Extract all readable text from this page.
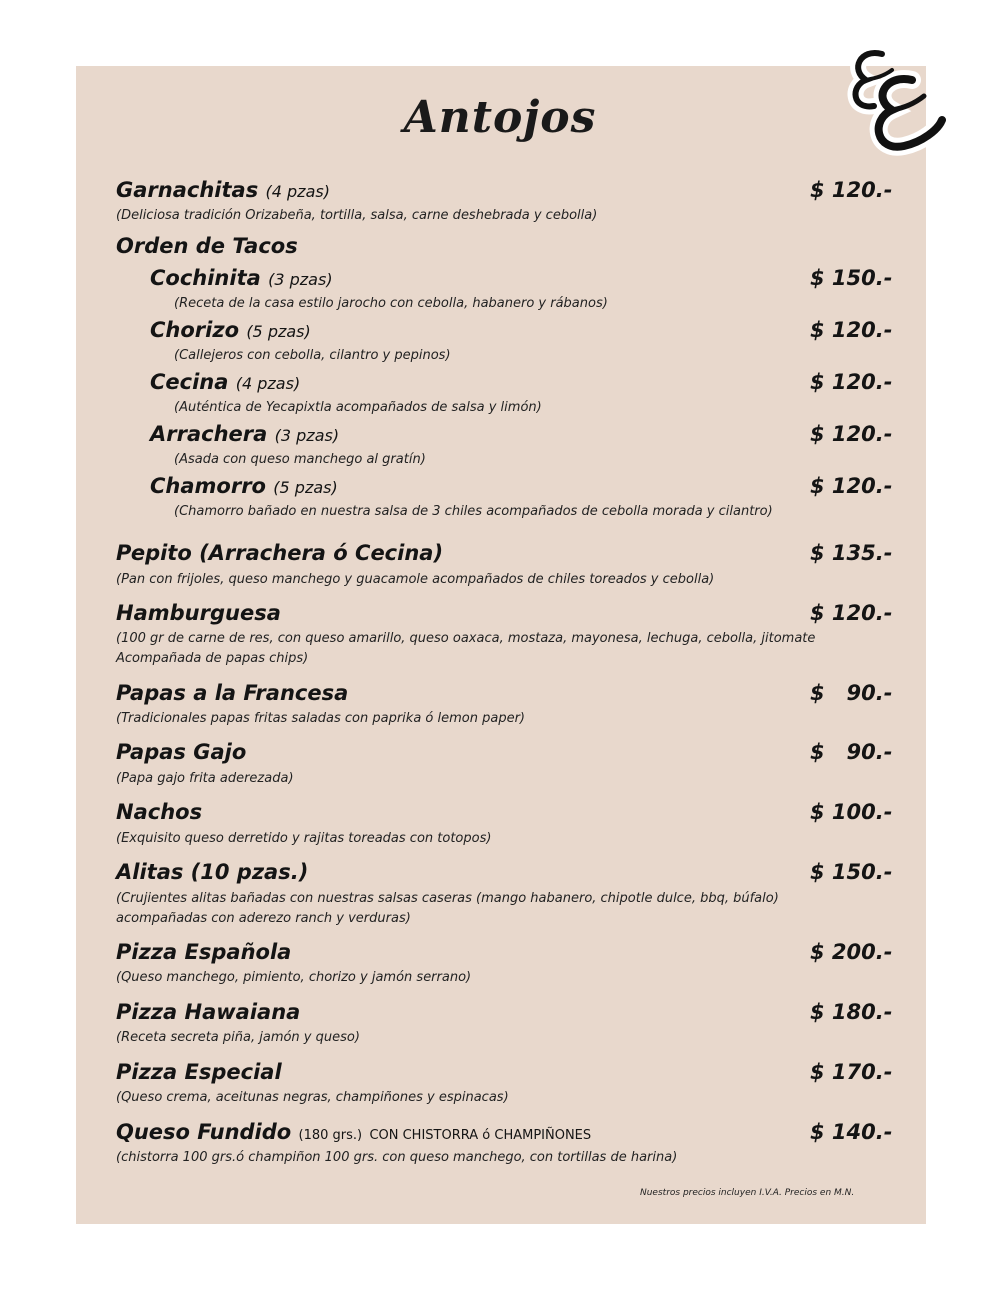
Antojos
Garnachitas (4 pzas)	$ 120.-
(Deliciosa tradición Orizabeña, tortilla, salsa, carne deshebrada y cebolla)
Orden de Tacos
Cochinita (3 pzas)	$ 150.-
(Receta de la casa estilo jarocho con cebolla, habanero y rábanos)
Chorizo (5 pzas)	$ 120.-
(Callejeros con cebolla, cilantro y pepinos)
Cecina (4 pzas)	$ 120.-
(Auténtica de Yecapixtla acompañados de salsa y limón)
Arrachera (3 pzas)	$ 120.-
(Asada con queso manchego al gratín)
Chamorro (5 pzas)	$ 120.-
(Chamorro bañado en nuestra salsa de 3 chiles acompañados de cebolla morada y cilantro)
Pepito (Arrachera ó Cecina)	$ 135.-
(Pan con frijoles, queso manchego y guacamole acompañados de chiles toreados y cebolla)
Hamburguesa	$ 120.-
(100 gr de carne de res, con queso amarillo, queso oaxaca, mostaza, mayonesa, lechuga, cebolla, jitomate
Acompañada de papas chips)
Papas a la Francesa	$   90.-
(Tradicionales papas fritas saladas con paprika ó lemon paper)
Papas Gajo	$   90.-
(Papa gajo frita aderezada)
Nachos	$ 100.-
(Exquisito queso derretido y rajitas toreadas con totopos)
Alitas (10 pzas.)	$ 150.-
(Crujientes alitas bañadas con nuestras salsas caseras (mango habanero, chipotle dulce, bbq, búfalo)
acompañadas con aderezo ranch y verduras)
Pizza Española	$ 200.-
(Queso manchego, pimiento, chorizo y jamón serrano)
Pizza Hawaiana	$ 180.-
(Receta secreta piña, jamón y queso)
Pizza Especial	$ 170.-
(Queso crema, aceitunas negras, champiñones y espinacas)
Queso Fundido (180 grs.) CON CHISTORRA ó CHAMPIÑONES	$ 140.-
(chistorra 100 grs.ó champiñon 100 grs. con queso manchego, con tortillas de harina)
Nuestros precios incluyen I.V.A. Precios en M.N.
